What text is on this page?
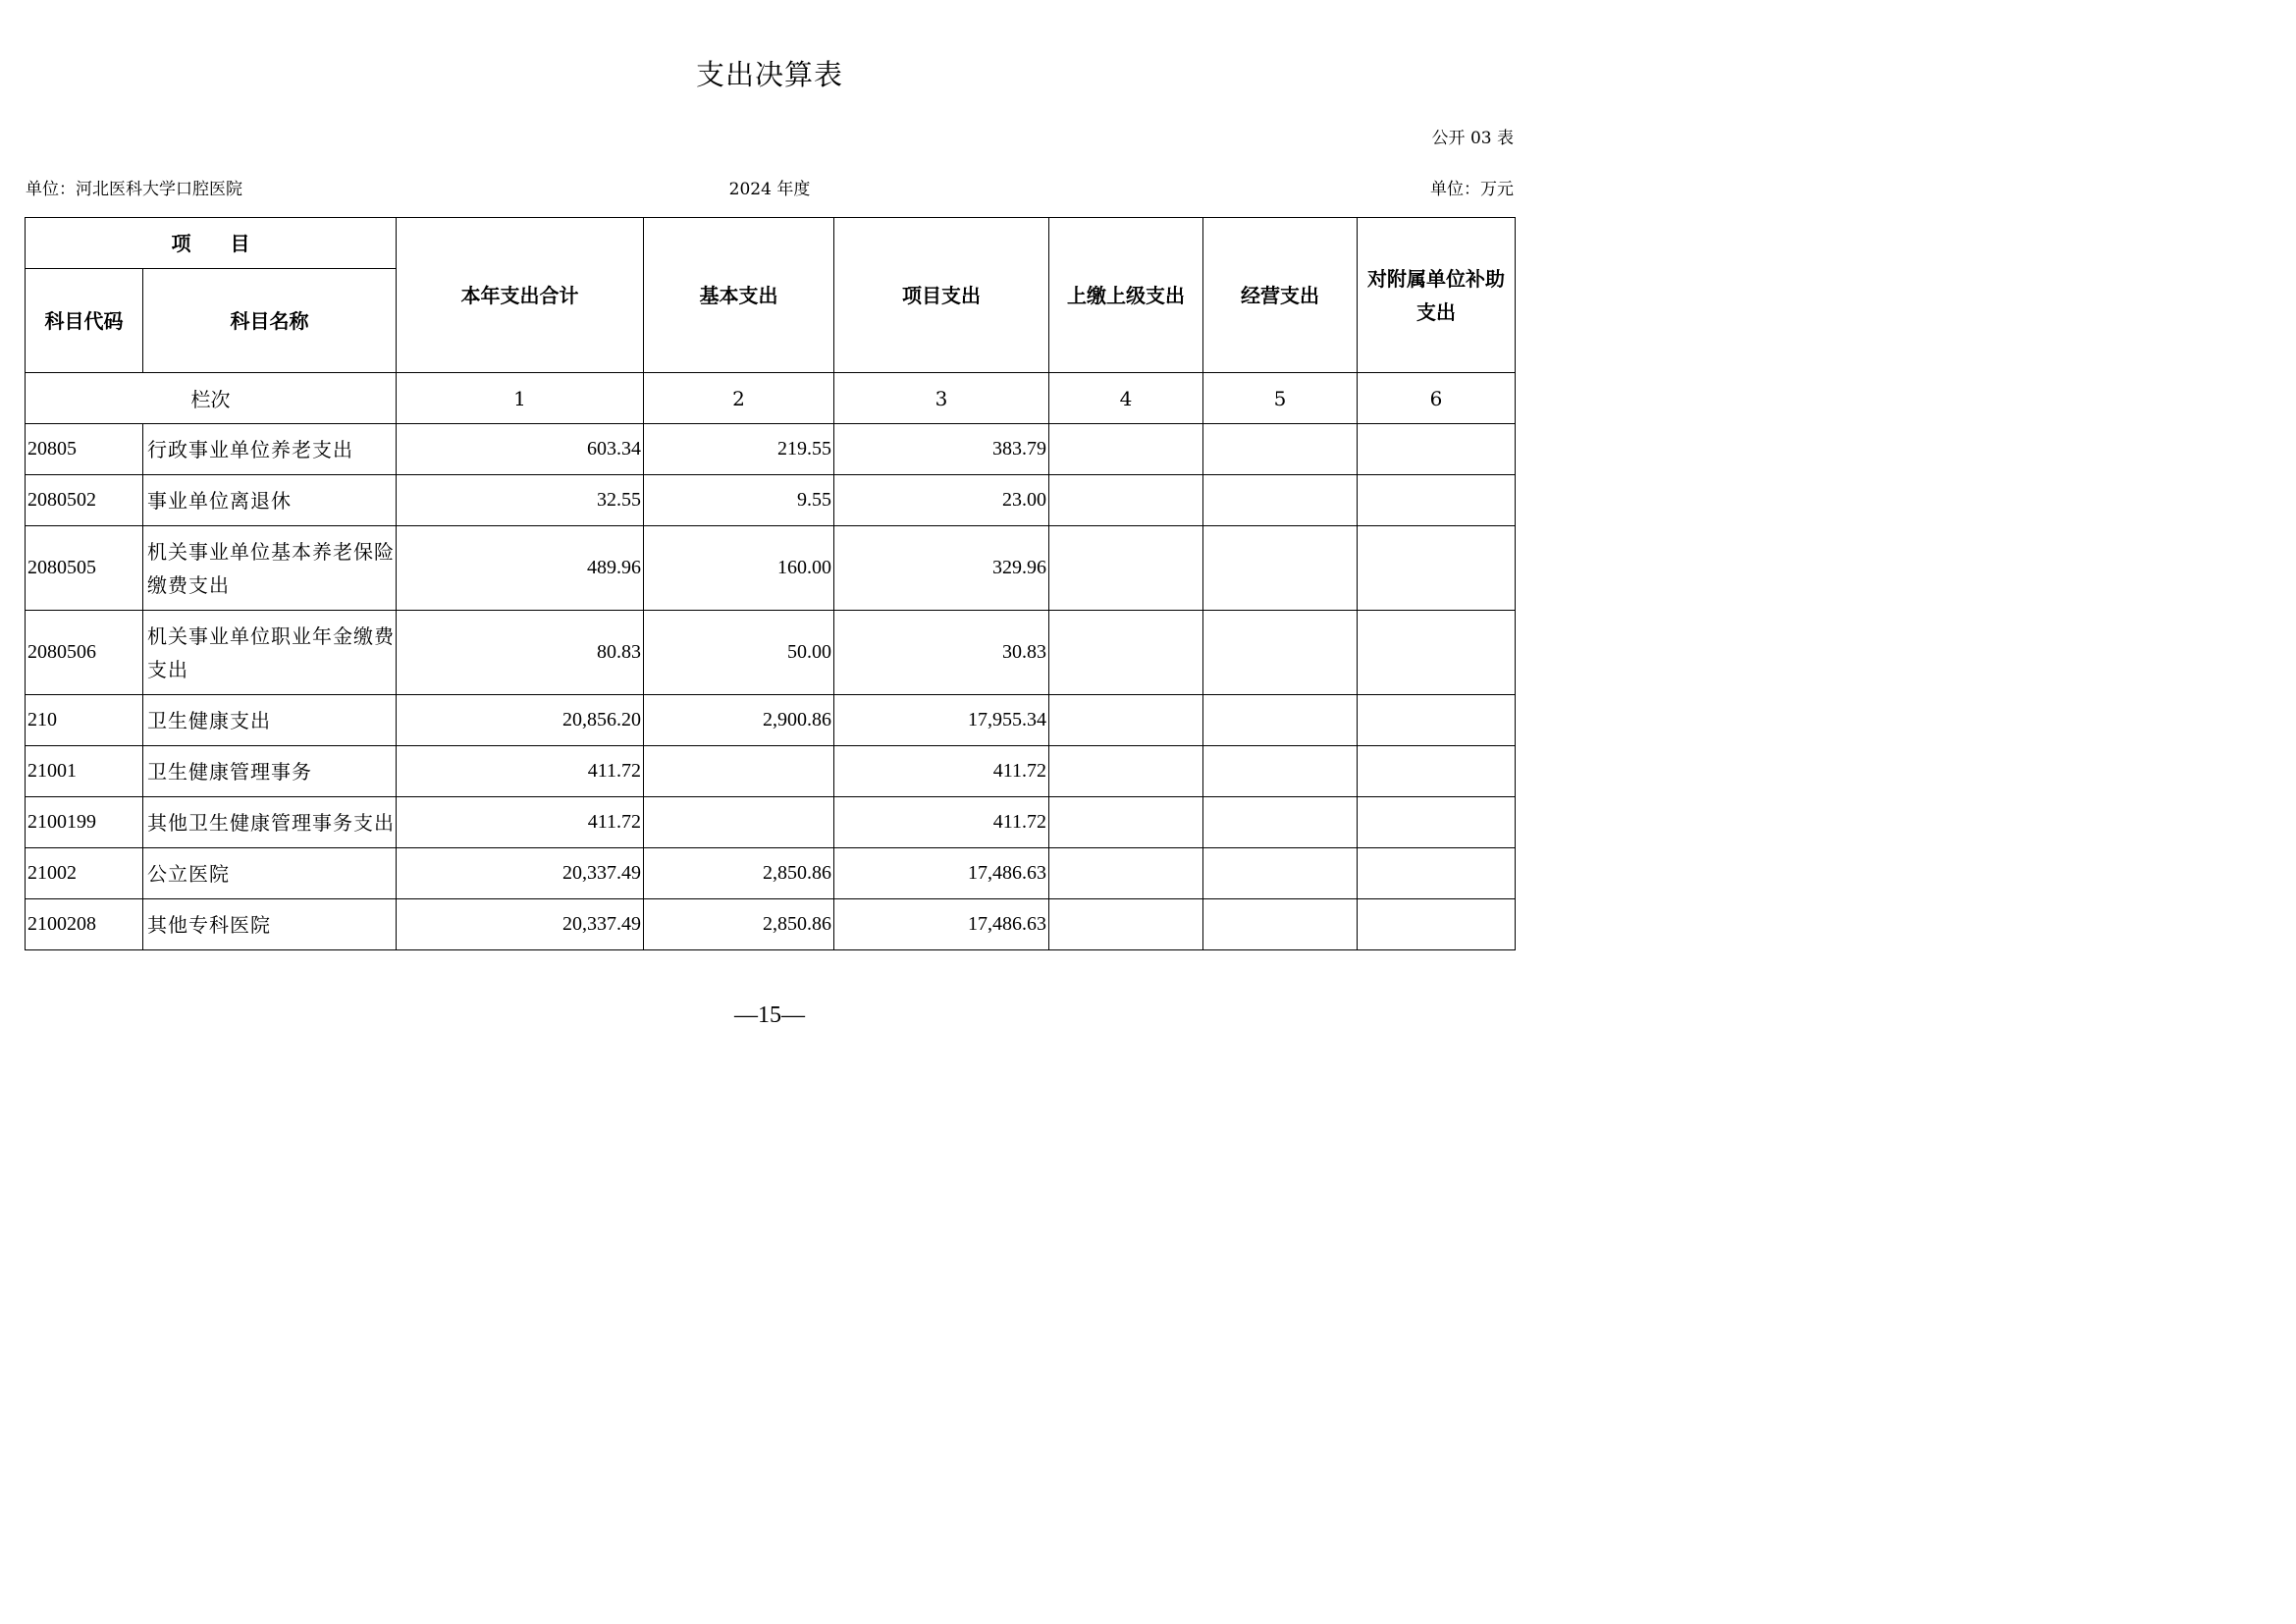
支出决算表
公开 03 表
单位：河北医科大学口腔医院	2024 年度	单位：万元
项　　目		本年支出合计	基本支出	项目支出	上缴上级支出	经营支出	对附属单位补助支出
科目代码	科目名称						
栏次		1	2	3	4	5	6
20805	行政事业单位养老支出	603.34	219.55	383.79			
2080502	事业单位离退休	32.55	9.55	23.00			
2080505	机关事业单位基本养老保险缴费支出	489.96	160.00	329.96			
2080506	机关事业单位职业年金缴费支出	80.83	50.00	30.83			
210	卫生健康支出	20,856.20	2,900.86	17,955.34			
21001	卫生健康管理事务	411.72		411.72			
2100199	其他卫生健康管理事务支出	411.72		411.72			
21002	公立医院	20,337.49	2,850.86	17,486.63			
2100208	其他专科医院	20,337.49	2,850.86	17,486.63			
—15—
